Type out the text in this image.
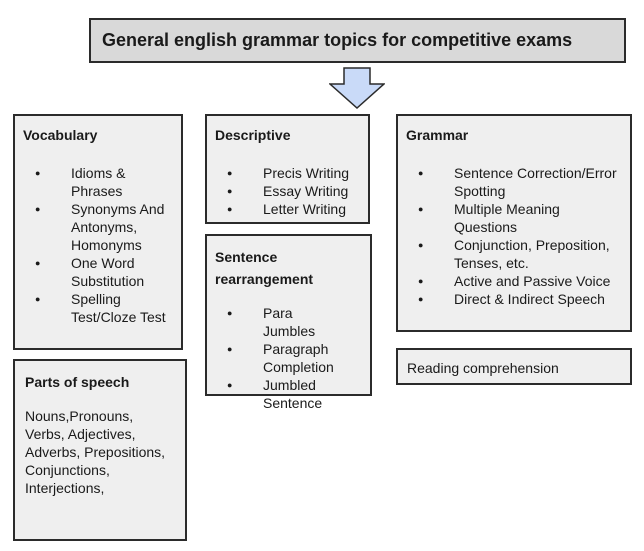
General english grammar topics for competitive exams

Vocabulary

● Idioms & Phrases
● Synonyms And Antonyms, Homonyms
● One Word Substitution
● Spelling Test/Cloze Test

Parts of speech

Nouns,Pronouns, Verbs, Adjectives, Adverbs, Prepositions, Conjunctions, Interjections,

Descriptive

● Precis Writing
● Essay Writing
● Letter Writing

Sentence rearrangement

● Para Jumbles
● Paragraph Completion
● Jumbled Sentence

Grammar

● Sentence Correction/Error Spotting
● Multiple Meaning Questions
● Conjunction, Preposition, Tenses, etc.
● Active and Passive Voice
● Direct & Indirect Speech

Reading comprehension
